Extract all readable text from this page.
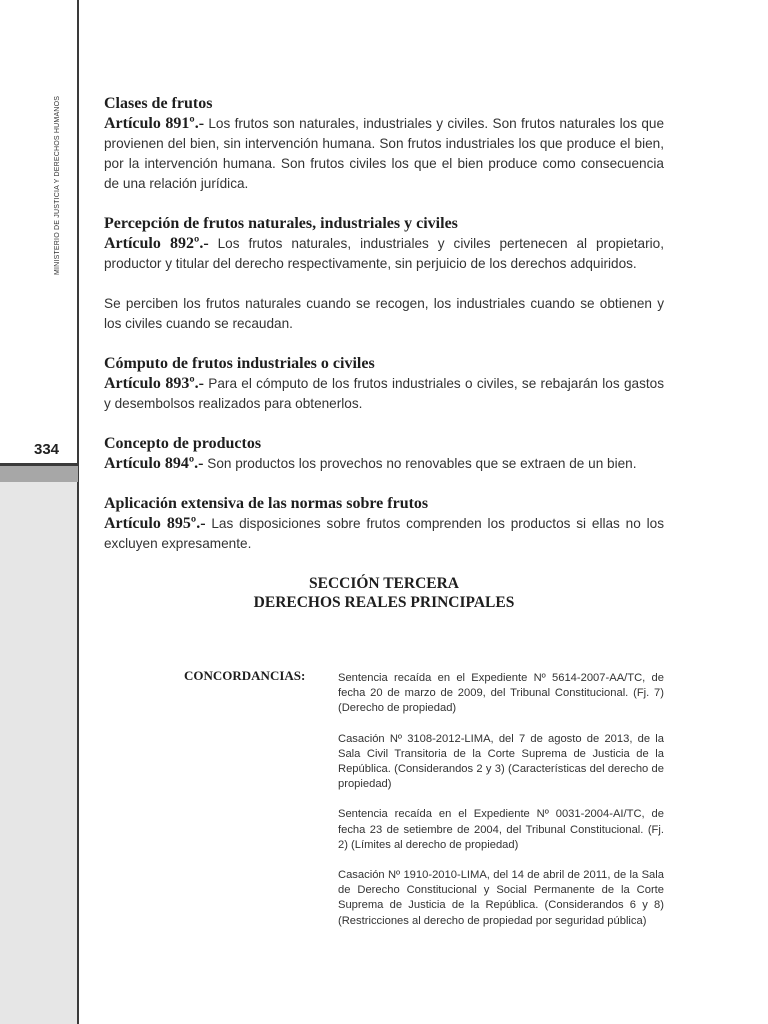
MINISTERIO DE JUSTICIA Y DERECHOS HUMANOS
334
Clases de frutos
Artículo 891º.- Los frutos son naturales, industriales y civiles. Son frutos naturales los que provienen del bien, sin intervención humana. Son frutos industriales los que produce el bien, por la intervención humana. Son frutos civiles los que el bien produce como consecuencia de una relación jurídica.
Percepción de frutos naturales, industriales y civiles
Artículo 892º.- Los frutos naturales, industriales y civiles pertenecen al propietario, productor y titular del derecho respectivamente, sin perjuicio de los derechos adquiridos.
Se perciben los frutos naturales cuando se recogen, los industriales cuando se obtienen y los civiles cuando se recaudan.
Cómputo de frutos industriales o civiles
Artículo 893º.- Para el cómputo de los frutos industriales o civiles, se rebajarán los gastos y desembolsos realizados para obtenerlos.
Concepto de productos
Artículo 894º.- Son productos los provechos no renovables que se extraen de un bien.
Aplicación extensiva de las normas sobre frutos
Artículo 895º.- Las disposiciones sobre frutos comprenden los productos si ellas no los excluyen expresamente.
SECCIÓN TERCERA
DERECHOS REALES PRINCIPALES
CONCORDANCIAS:	Sentencia recaída en el Expediente Nº 5614-2007-AA/TC, de fecha 20 de marzo de 2009, del Tribunal Constitucional. (Fj. 7) (Derecho de propiedad)
Casación Nº 3108-2012-LIMA, del 7 de agosto de 2013, de la Sala Civil Transitoria de la Corte Suprema de Justicia de la República. (Considerandos 2 y 3) (Características del derecho de propiedad)
Sentencia recaída en el Expediente Nº 0031-2004-AI/TC, de fecha 23 de setiembre de 2004, del Tribunal Constitucional. (Fj. 2) (Límites al derecho de propiedad)
Casación Nº 1910-2010-LIMA, del 14 de abril de 2011, de la Sala de Derecho Constitucional y Social Permanente de la Corte Suprema de Justicia de la República. (Considerandos 6 y 8) (Restricciones al derecho de propiedad por seguridad pública)
